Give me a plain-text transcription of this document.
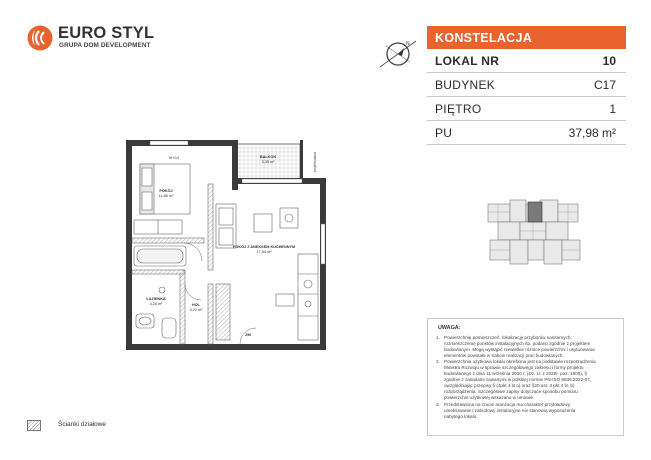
EURO STYL
GRUPA DOM DEVELOPMENT	N	KONSTELACJA
LOKAL NR	10
BUDYNEK	C17
PIĘTRO	1
PU	37,98 m²
POKÓJ
11,86 m²
BALKON
3,35 m²
POKÓJ Z ANEKSEM KUCHENNYM
17,64 m²
ŁAZIENKA
4,26 m²	HOL
4,22 m²
NH-0,5
ZM
projektowana
UWAGA:
1. Powierzchnię pomieszczeń, lokalizację przyborów sanitarnych,
rozmieszczenie punktów instalacyjnych itp. podano zgodnie z projektem
budowlanym. Mogą wystąpić niewielkie różnice powierzchni i usytuowania
elementów powstałe w trakcie realizacji prac budowlanych.
2. Powierzchnia użytkowa lokalu określona jest na podstawie rozporządzenia
Ministra Rozwoju w sprawie szczegółowego zakresu i formy projektu
budowlanego z dnia 11 września 2020 r. (Dz. U. z 2020r. poz. 1609), §
zgodnie z zasadami zawartymi w polskiej normie PN-ISO 9836:2022-07,
uwzględniając przepisy § (4pkt 4 lit.a) oraz §20 ust. 3 pkt 4 lit. b)
rozporządzenia. Szczegółowe zapisy dotyczące sposobu pomiaru
powierzchni użytkowej wskazano w umowie.
3. Przedstawiona na rzucie aranżacja ma charakter przykładowy,
umeblowanie i zabudowy instalacyjne nie stanowią wyposażenia
nabytego lokalu.
Ścianki działowe
